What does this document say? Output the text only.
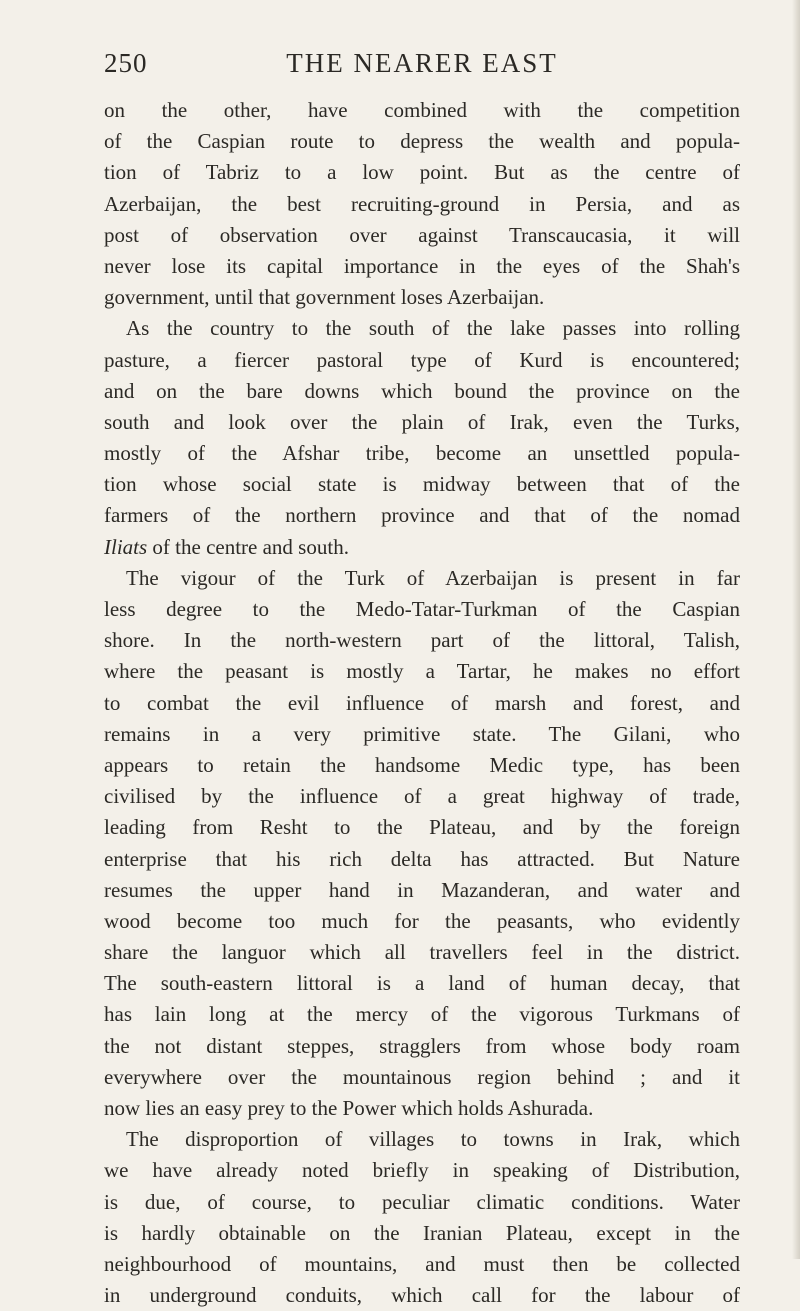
250	THE NEARER EAST
on the other, have combined with the competition
of the Caspian route to depress the wealth and popula-
tion of Tabriz to a low point. But as the centre of
Azerbaijan, the best recruiting-ground in Persia, and as
post of observation over against Transcaucasia, it will
never lose its capital importance in the eyes of the Shah's
government, until that government loses Azerbaijan.
As the country to the south of the lake passes into rolling
pasture, a fiercer pastoral type of Kurd is encountered;
and on the bare downs which bound the province on the
south and look over the plain of Irak, even the Turks,
mostly of the Afshar tribe, become an unsettled popula-
tion whose social state is midway between that of the
farmers of the northern province and that of the nomad
Iliats of the centre and south.
The vigour of the Turk of Azerbaijan is present in far
less degree to the Medo-Tatar-Turkman of the Caspian
shore. In the north-western part of the littoral, Talish,
where the peasant is mostly a Tartar, he makes no effort
to combat the evil influence of marsh and forest, and
remains in a very primitive state. The Gilani, who
appears to retain the handsome Medic type, has been
civilised by the influence of a great highway of trade,
leading from Resht to the Plateau, and by the foreign
enterprise that his rich delta has attracted. But Nature
resumes the upper hand in Mazanderan, and water and
wood become too much for the peasants, who evidently
share the languor which all travellers feel in the district.
The south-eastern littoral is a land of human decay, that
has lain long at the mercy of the vigorous Turkmans of
the not distant steppes, stragglers from whose body roam
everywhere over the mountainous region behind ; and it
now lies an easy prey to the Power which holds Ashurada.
The disproportion of villages to towns in Irak, which
we have already noted briefly in speaking of Distribution,
is due, of course, to peculiar climatic conditions. Water
is hardly obtainable on the Iranian Plateau, except in the
neighbourhood of mountains, and must then be collected
in underground conduits, which call for the labour of
